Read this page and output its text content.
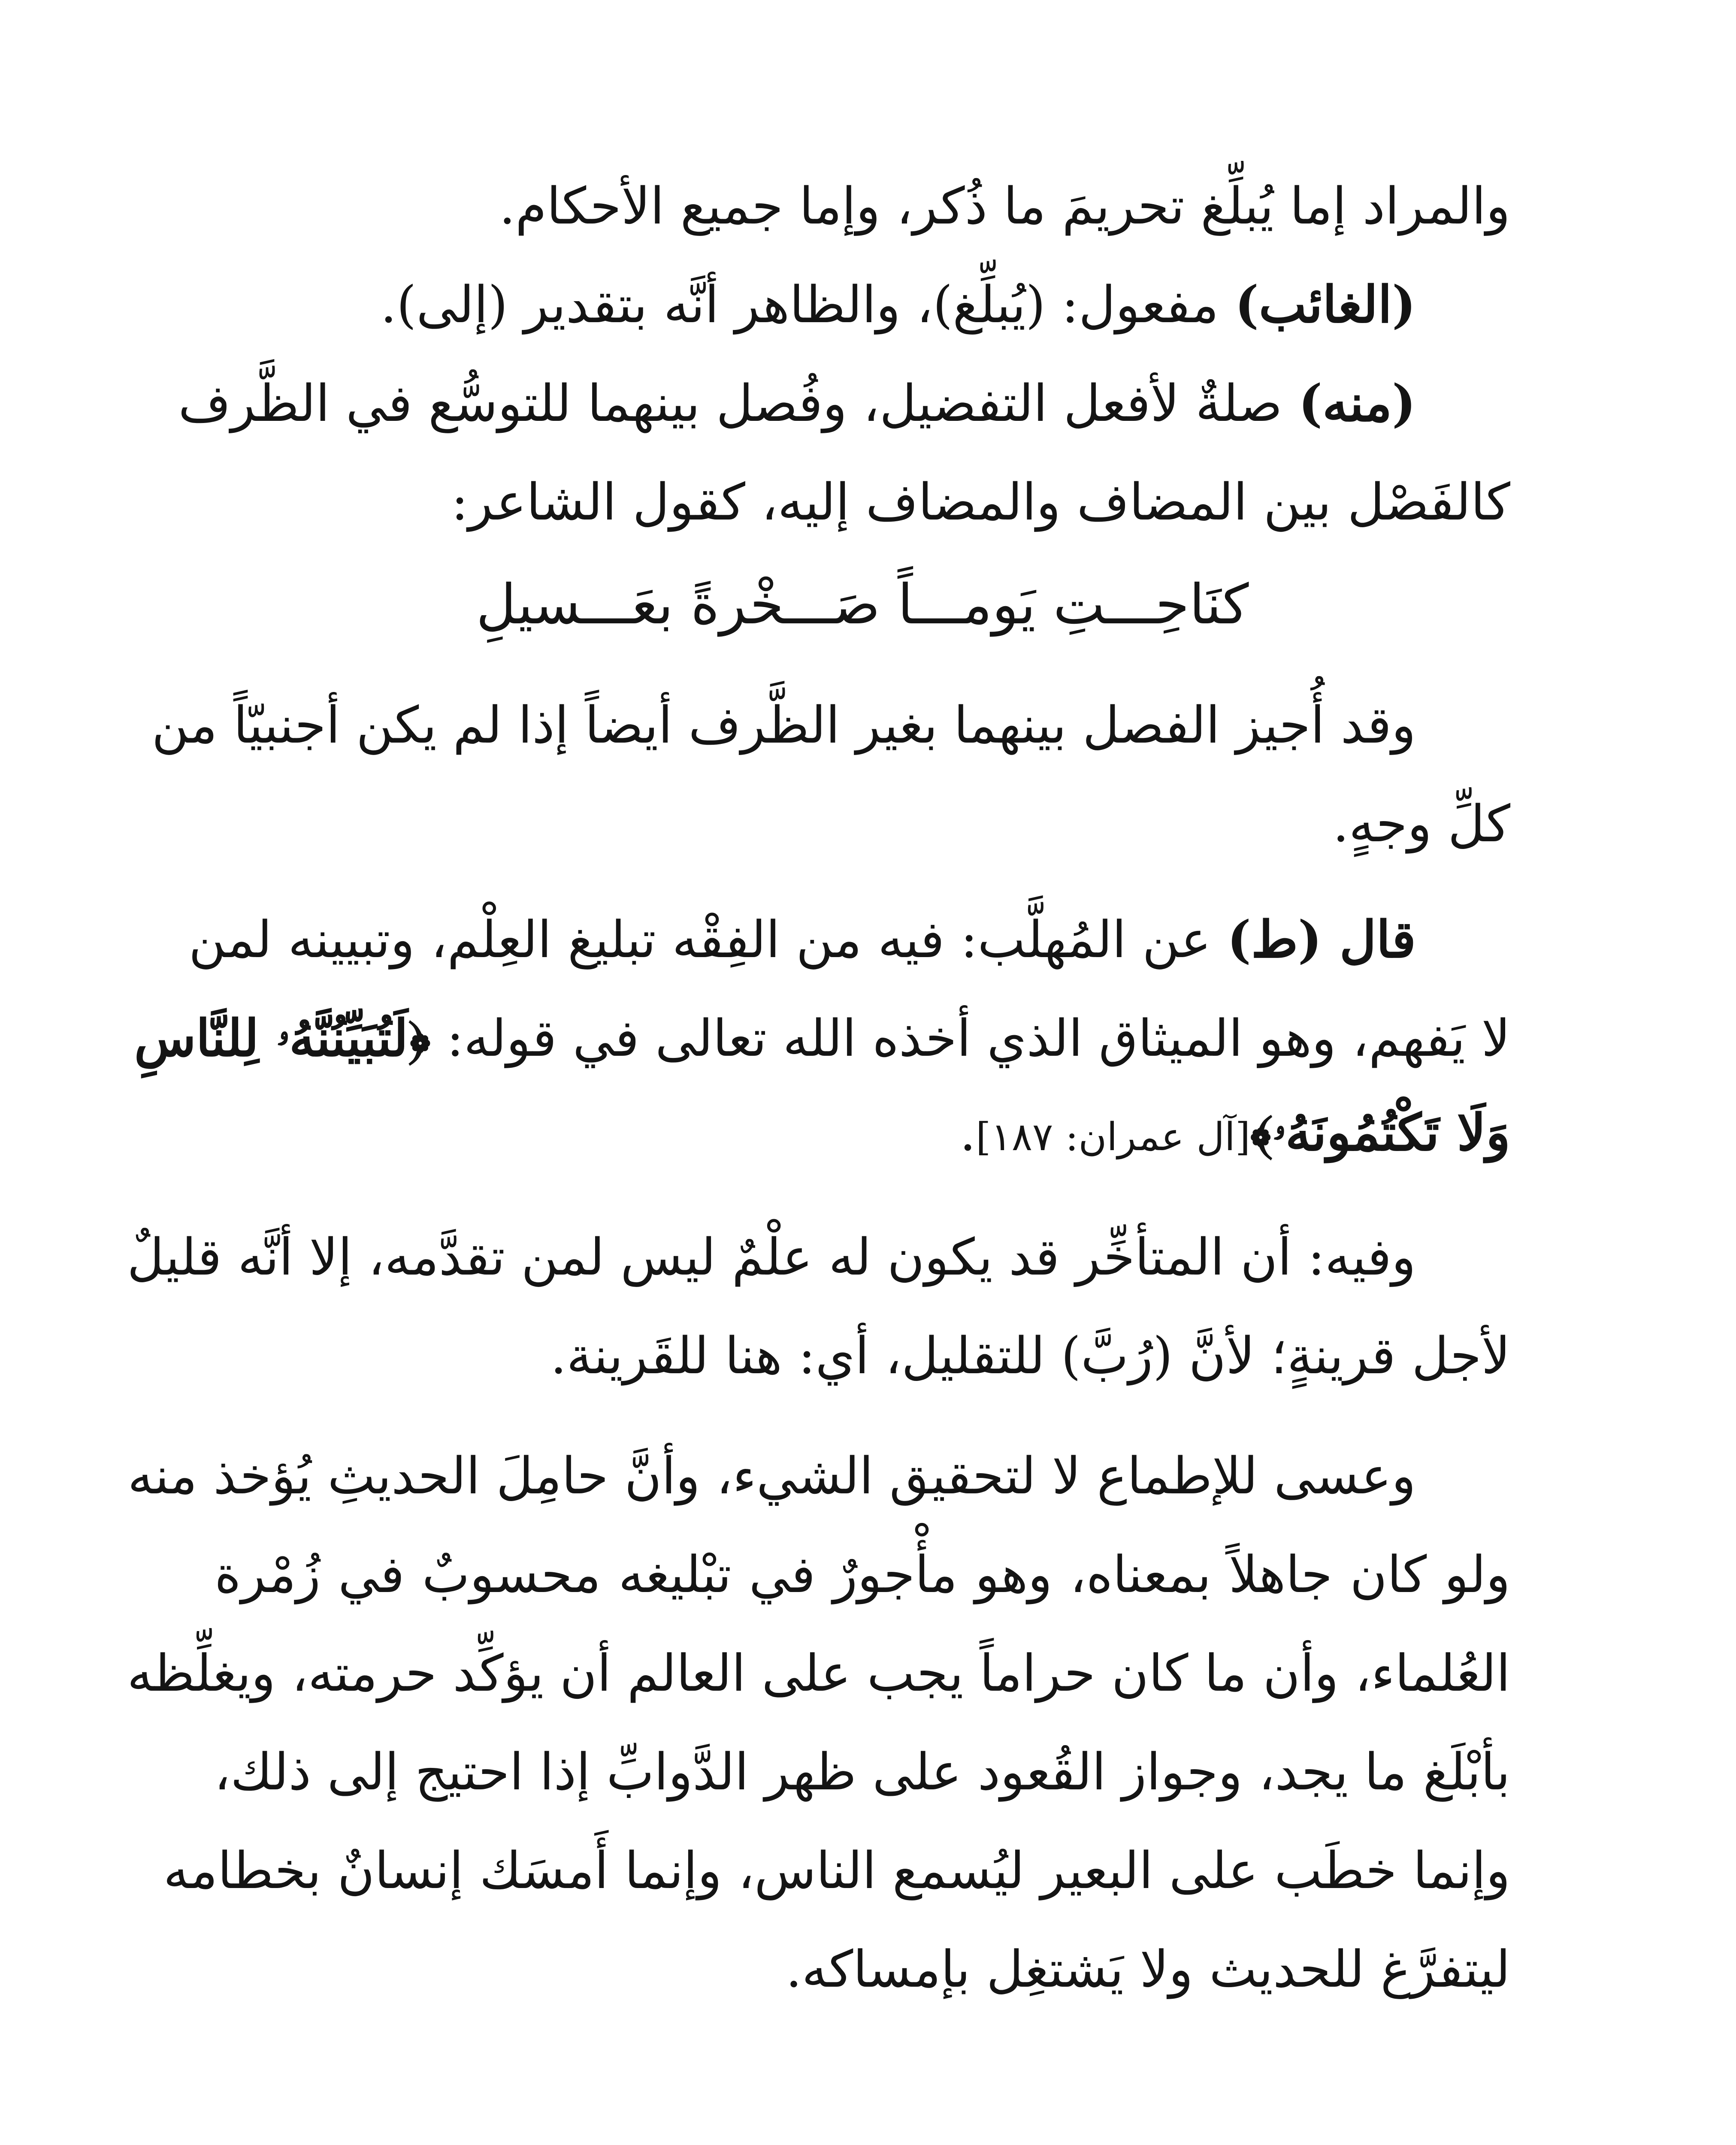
والمراد إما يُبلِّغ تحريمَ ما ذُكر، وإما جميع الأحكام.
(الغائب) مفعول: (يُبلِّغ)، والظاهر أنَّه بتقدير (إلى).
(منه) صلةٌ لأفعل التفضيل، وفُصل بينهما للتوسُّع في الظَّرف
كالفَصْل بين المضاف والمضاف إليه، كقول الشاعر:
كنَاحِـــتِ يَومـــاً صَـــخْرةً بعَـــسيلِ
وقد أُجيز الفصل بينهما بغير الظَّرف أيضاً إذا لم يكن أجنبيّاً من
كلِّ وجهٍ.
قال (ط) عن المُهلَّب: فيه من الفِقْه تبليغ العِلْم، وتبيينه لمن
لا يَفهم، وهو الميثاق الذي أخذه الله تعالى في قوله: ﴿لَتُبَيِّنُنَّهُۥ لِلنَّاسِ
وَلَا تَكْتُمُونَهُۥ﴾[آل عمران: ١٨٧].
وفيه: أن المتأخِّر قد يكون له علْمٌ ليس لمن تقدَّمه، إلا أنَّه قليلٌ
لأجل قرينةٍ؛ لأنَّ (رُبَّ) للتقليل، أي: هنا للقَرينة.
وعسى للإطماع لا لتحقيق الشيء، وأنَّ حامِلَ الحديثِ يُؤخذ منه
ولو كان جاهلاً بمعناه، وهو مأْجورٌ في تبْليغه محسوبٌ في زُمْرة
العُلماء، وأن ما كان حراماً يجب على العالم أن يؤكِّد حرمته، ويغلِّظه
بأبْلَغ ما يجد، وجواز القُعود على ظهر الدَّوابِّ إذا احتيج إلى ذلك،
وإنما خطَب على البعير ليُسمع الناس، وإنما أَمسَك إنسانٌ بخطامه
ليتفرَّغ للحديث ولا يَشتغِل بإمساكه.
